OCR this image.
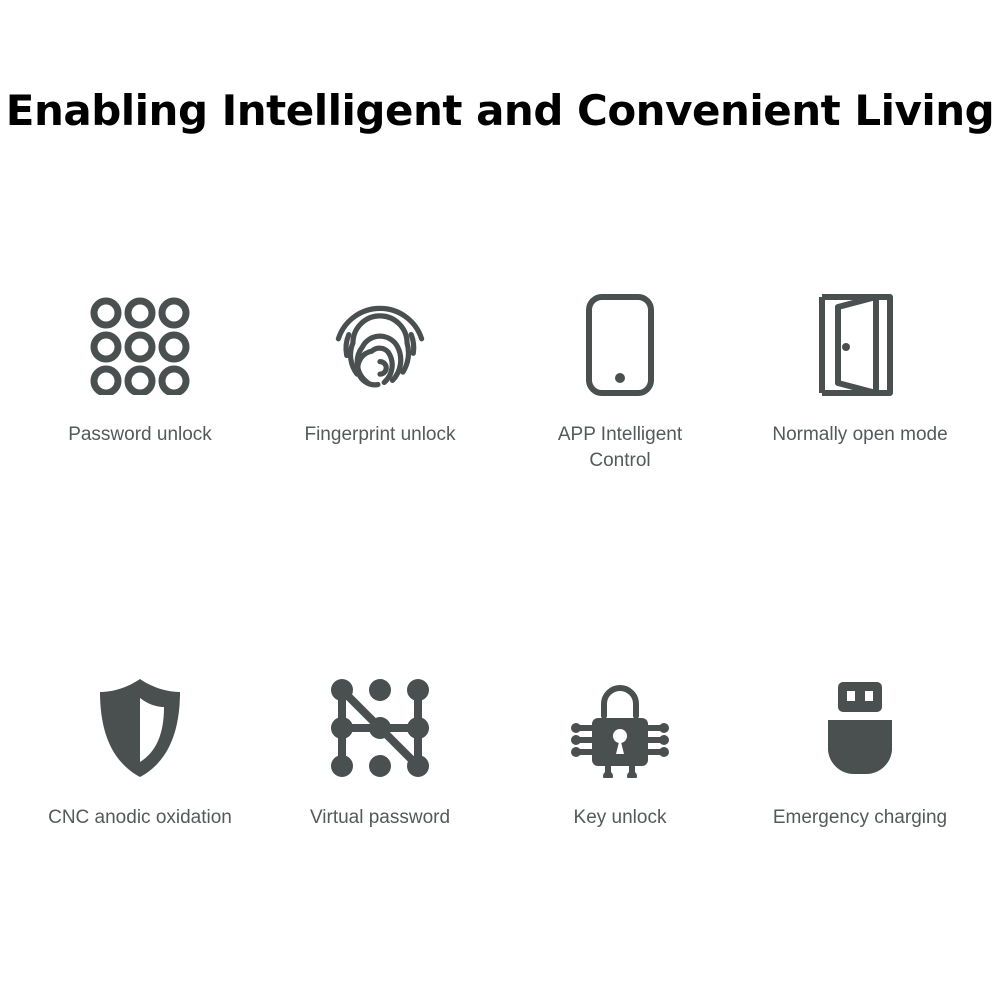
Enabling Intelligent and Convenient Living
Password unlock	Fingerprint unlock	APP Intelligent Control
Normally open mode
CNC anodic oxidation	Virtual password	Key unlock	Emergency charging
